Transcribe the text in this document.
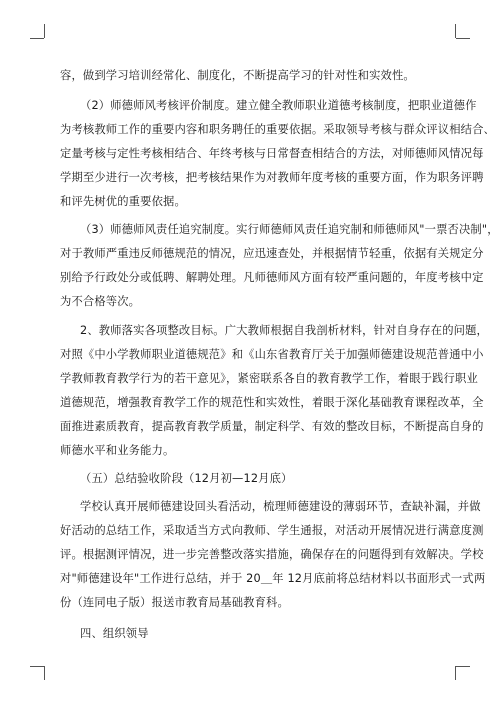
容，做到学习培训经常化、制度化，不断提高学习的针对性和实效性。
（2）师德师风考核评价制度。建立健全教师职业道德考核制度，把职业道德作
为考核教师工作的重要内容和职务聘任的重要依据。采取领导考核与群众评议相结合、
定量考核与定性考核相结合、年终考核与日常督查相结合的方法，对师德师风情况每
学期至少进行一次考核，把考核结果作为对教师年度考核的重要方面，作为职务评聘
和评先树优的重要依据。
（3）师德师风责任追究制度。实行师德师风责任追究制和师德师风"一票否决制"，
对于教师严重违反师德规范的情况，应迅速查处，并根据情节轻重，依据有关规定分
别给予行政处分或低聘、解聘处理。凡师德师风方面有较严重问题的，年度考核中定
为不合格等次。
2、教师落实各项整改目标。广大教师根据自我剖析材料，针对自身存在的问题，
对照《中小学教师职业道德规范》和《山东省教育厅关于加强师德建设规范普通中小
学教师教育教学行为的若干意见》，紧密联系各自的教育教学工作，着眼于践行职业
道德规范，增强教育教学工作的规范性和实效性，着眼于深化基础教育课程改革，全
面推进素质教育，提高教育教学质量，制定科学、有效的整改目标，不断提高自身的
师德水平和业务能力。
（五）总结验收阶段（12月初—12月底）
学校认真开展师德建设回头看活动，梳理师德建设的薄弱环节，查缺补漏，并做
好活动的总结工作，采取适当方式向教师、学生通报，对活动开展情况进行满意度测
评。根据测评情况，进一步完善整改落实措施，确保存在的问题得到有效解决。学校
对"师德建设年"工作进行总结，并于 20＿年 12月底前将总结材料以书面形式一式两
份（连同电子版）报送市教育局基础教育科。
四、组织领导
